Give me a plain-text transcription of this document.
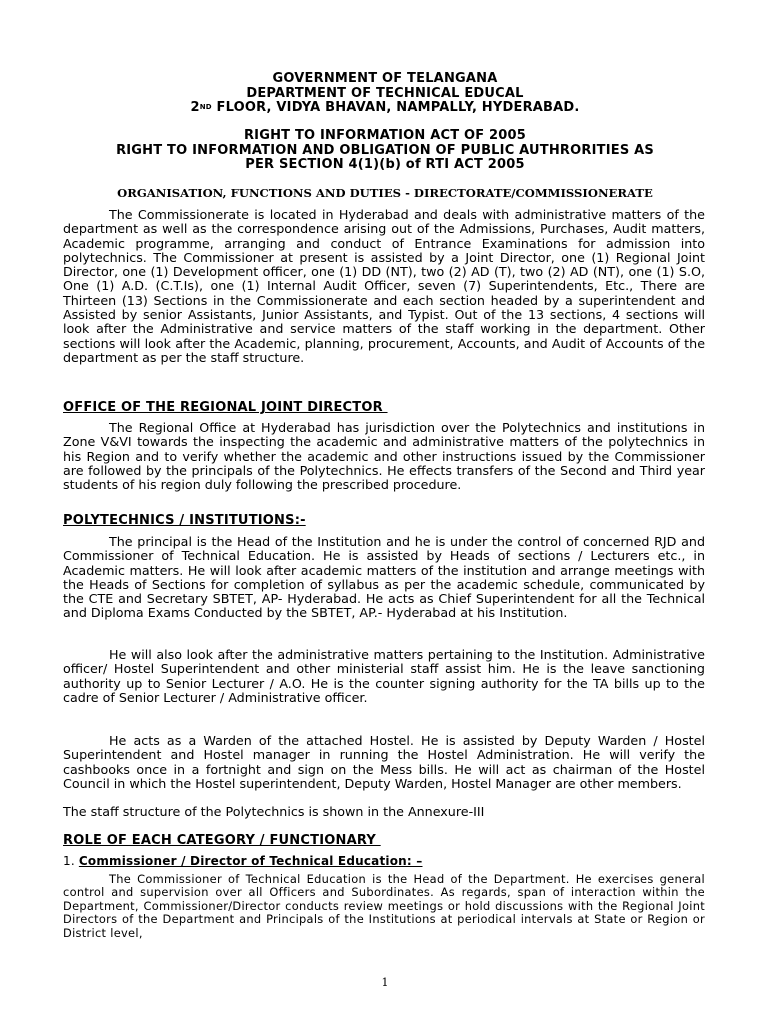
GOVERNMENT OF TELANGANA
DEPARTMENT OF TECHNICAL EDUCAL
2ND FLOOR, VIDYA BHAVAN, NAMPALLY, HYDERABAD.
RIGHT TO INFORMATION ACT OF 2005
RIGHT TO INFORMATION AND OBLIGATION OF PUBLIC AUTHRORITIES AS
PER SECTION 4(1)(b) of RTI ACT 2005
ORGANISATION, FUNCTIONS AND DUTIES - DIRECTORATE/COMMISSIONERATE

The Commissionerate is located in Hyderabad and deals with administrative matters of the department as well as the correspondence arising out of the Admissions, Purchases, Audit matters, Academic programme, arranging and conduct of Entrance Examinations for admission into polytechnics. The Commissioner at present is assisted by a Joint Director, one (1) Regional Joint Director, one (1) Development officer, one (1) DD (NT), two (2) AD (T), two (2) AD (NT), one (1) S.O, One (1) A.D. (C.T.Is), one (1) Internal Audit Officer, seven (7) Superintendents, Etc., There are Thirteen (13) Sections in the Commissionerate and each section headed by a superintendent and Assisted by senior Assistants, Junior Assistants, and Typist. Out of the 13 sections, 4 sections will look after the Administrative and service matters of the staff working in the department. Other sections will look after the Academic, planning, procurement, Accounts, and Audit of Accounts of the department as per the staff structure.

OFFICE OF THE REGIONAL JOINT DIRECTOR

The Regional Office at Hyderabad has jurisdiction over the Polytechnics and institutions in Zone V&VI towards the inspecting the academic and administrative matters of the polytechnics in his Region and to verify whether the academic and other instructions issued by the Commissioner are followed by the principals of the Polytechnics. He effects transfers of the Second and Third year students of his region duly following the prescribed procedure.

POLYTECHNICS / INSTITUTIONS:-

The principal is the Head of the Institution and he is under the control of concerned RJD and Commissioner of Technical Education. He is assisted by Heads of sections / Lecturers etc., in Academic matters. He will look after academic matters of the institution and arrange meetings with the Heads of Sections for completion of syllabus as per the academic schedule, communicated by the CTE and Secretary SBTET, AP- Hyderabad. He acts as Chief Superintendent for all the Technical and Diploma Exams Conducted by the SBTET, AP.- Hyderabad at his Institution.

He will also look after the administrative matters pertaining to the Institution. Administrative officer/ Hostel Superintendent and other ministerial staff assist him. He is the leave sanctioning authority up to Senior Lecturer / A.O. He is the counter signing authority for the TA bills up to the cadre of Senior Lecturer / Administrative officer.

He acts as a Warden of the attached Hostel. He is assisted by Deputy Warden / Hostel Superintendent and Hostel manager in running the Hostel Administration. He will verify the cashbooks once in a fortnight and sign on the Mess bills. He will act as chairman of the Hostel Council in which the Hostel superintendent, Deputy Warden, Hostel Manager are other members.

The staff structure of the Polytechnics is shown in the Annexure-III

ROLE OF EACH CATEGORY / FUNCTIONARY
1. Commissioner / Director of Technical Education: –

The Commissioner of Technical Education is the Head of the Department. He exercises general control and supervision over all Officers and Subordinates. As regards, span of interaction within the Department, Commissioner/Director conducts review meetings or hold discussions with the Regional Joint Directors of the Department and Principals of the Institutions at periodical intervals at State or Region or District level,

1
